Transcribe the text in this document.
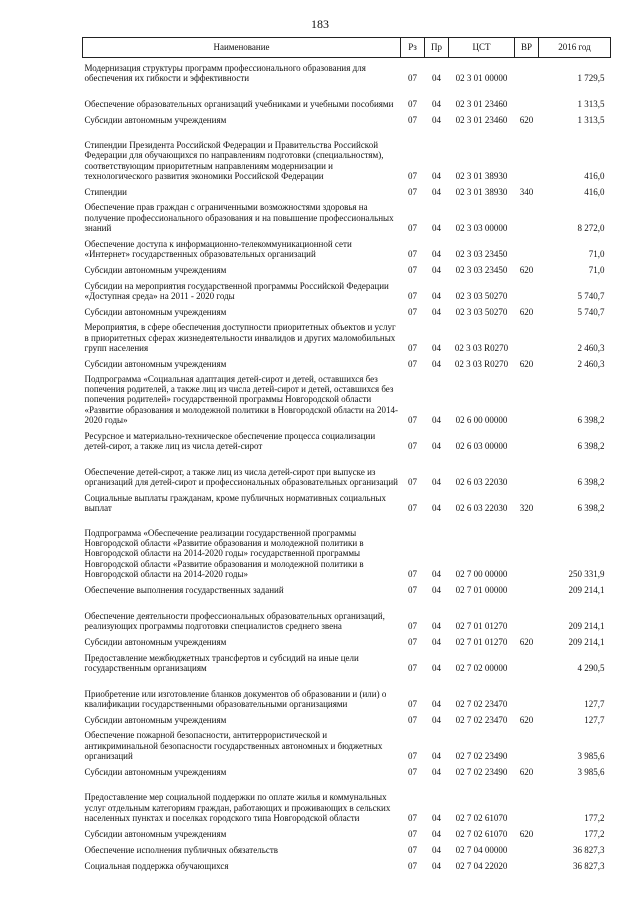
183
Наименование	Рз	Пр	ЦСТ	ВР	2016 год
Модернизация структуры программ профессионального образования для обеспечения их гибкости и эффективности	07	04	02 3 01 00000		1 729,5
Обеспечение образовательных организаций учебниками и учебными пособиями	07	04	02 3 01 23460		1 313,5
Субсидии автономным учреждениям	07	04	02 3 01 23460	620	1 313,5
Стипендии Президента Российской Федерации и Правительства Российской Федерации для обучающихся по направлениям подготовки (специальностям), соответствующим приоритетным направлениям модернизации и технологического развития экономики Российской Федерации	07	04	02 3 01 38930		416,0
Стипендии	07	04	02 3 01 38930	340	416,0
Обеспечение прав граждан с ограниченными возможностями здоровья на получение профессионального образования и на повышение профессиональных знаний	07	04	02 3 03 00000		8 272,0
Обеспечение доступа к информационно-телекоммуникационной сети «Интернет» государственных образовательных организаций	07	04	02 3 03 23450		71,0
Субсидии автономным учреждениям	07	04	02 3 03 23450	620	71,0
Субсидии на мероприятия государственной программы Российской Федерации «Доступная среда» на 2011 - 2020 годы	07	04	02 3 03 50270		5 740,7
Субсидии автономным учреждениям	07	04	02 3 03 50270	620	5 740,7
Мероприятия, в сфере обеспечения доступности приоритетных объектов и услуг в приоритетных сферах жизнедеятельности инвалидов и других маломобильных групп населения	07	04	02 3 03 R0270		2 460,3
Субсидии автономным учреждениям	07	04	02 3 03 R0270	620	2 460,3
Подпрограмма «Социальная адаптация детей-сирот и детей, оставшихся без попечения родителей, а также лиц из числа детей-сирот и детей, оставшихся без попечения родителей» государственной программы Новгородской области «Развитие образования и молодежной политики в Новгородской области на 2014-2020 годы»	07	04	02 6 00 00000		6 398,2
Ресурсное и материально-техническое обеспечение процесса социализации детей-сирот, а также лиц из числа детей-сирот	07	04	02 6 03 00000		6 398,2
Обеспечение детей-сирот, а также лиц из числа детей-сирот при выпуске из организаций для детей-сирот и профессиональных образовательных организаций	07	04	02 6 03 22030		6 398,2
Социальные выплаты гражданам, кроме публичных нормативных социальных выплат	07	04	02 6 03 22030	320	6 398,2
Подпрограмма «Обеспечение реализации государственной программы Новгородской области «Развитие образования и молодежной политики в Новгородской области на 2014-2020 годы» государственной программы Новгородской области «Развитие образования и молодежной политики в Новгородской области на 2014-2020 годы»	07	04	02 7 00 00000		250 331,9
Обеспечение выполнения государственных заданий	07	04	02 7 01 00000		209 214,1
Обеспечение деятельности профессиональных образовательных организаций, реализующих программы подготовки специалистов среднего звена	07	04	02 7 01 01270		209 214,1
Субсидии автономным учреждениям	07	04	02 7 01 01270	620	209 214,1
Предоставление межбюджетных трансфертов и субсидий на иные цели государственным организациям	07	04	02 7 02 00000		4 290,5
Приобретение или изготовление бланков документов об образовании и (или) о квалификации государственными образовательными организациями	07	04	02 7 02 23470		127,7
Субсидии автономным учреждениям	07	04	02 7 02 23470	620	127,7
Обеспечение пожарной безопасности, антитеррористической и антикриминальной безопасности государственных автономных и бюджетных организаций	07	04	02 7 02 23490		3 985,6
Субсидии автономным учреждениям	07	04	02 7 02 23490	620	3 985,6
Предоставление мер социальной поддержки по оплате жилья и коммунальных услуг отдельным категориям граждан, работающих и проживающих в сельских населенных пунктах и поселках городского типа Новгородской области	07	04	02 7 02 61070		177,2
Субсидии автономным учреждениям	07	04	02 7 02 61070	620	177,2
Обеспечение исполнения публичных обязательств	07	04	02 7 04 00000		36 827,3
Социальная поддержка обучающихся	07	04	02 7 04 22020		36 827,3
